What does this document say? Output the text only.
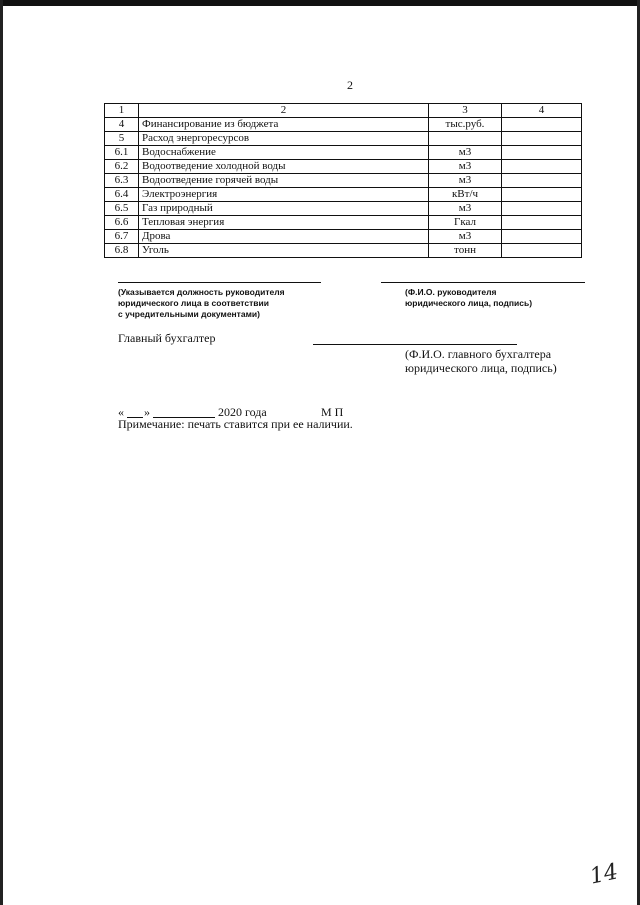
2
1	2	3	4
4	Финансирование из бюджета	тыс.руб.	
5	Расход энергоресурсов		
6.1	Водоснабжение	м3	
6.2	Водоотведение холодной воды	м3	
6.3	Водоотведение горячей воды	м3	
6.4	Электроэнергия	кВт/ч	
6.5	Газ природный	м3	
6.6	Тепловая энергия	Гкал	
6.7	Дрова	м3	
6.8	Уголь	тонн	
(Указывается должность руководителя
юридического лица в соответствии
с учредительными документами)
(Ф.И.О. руководителя
юридического лица, подпись)
Главный бухгалтер
(Ф.И.О. главного бухгалтера
юридического лица, подпись)
« »	2020 года	М П
Примечание: печать ставится при ее наличии.
14
